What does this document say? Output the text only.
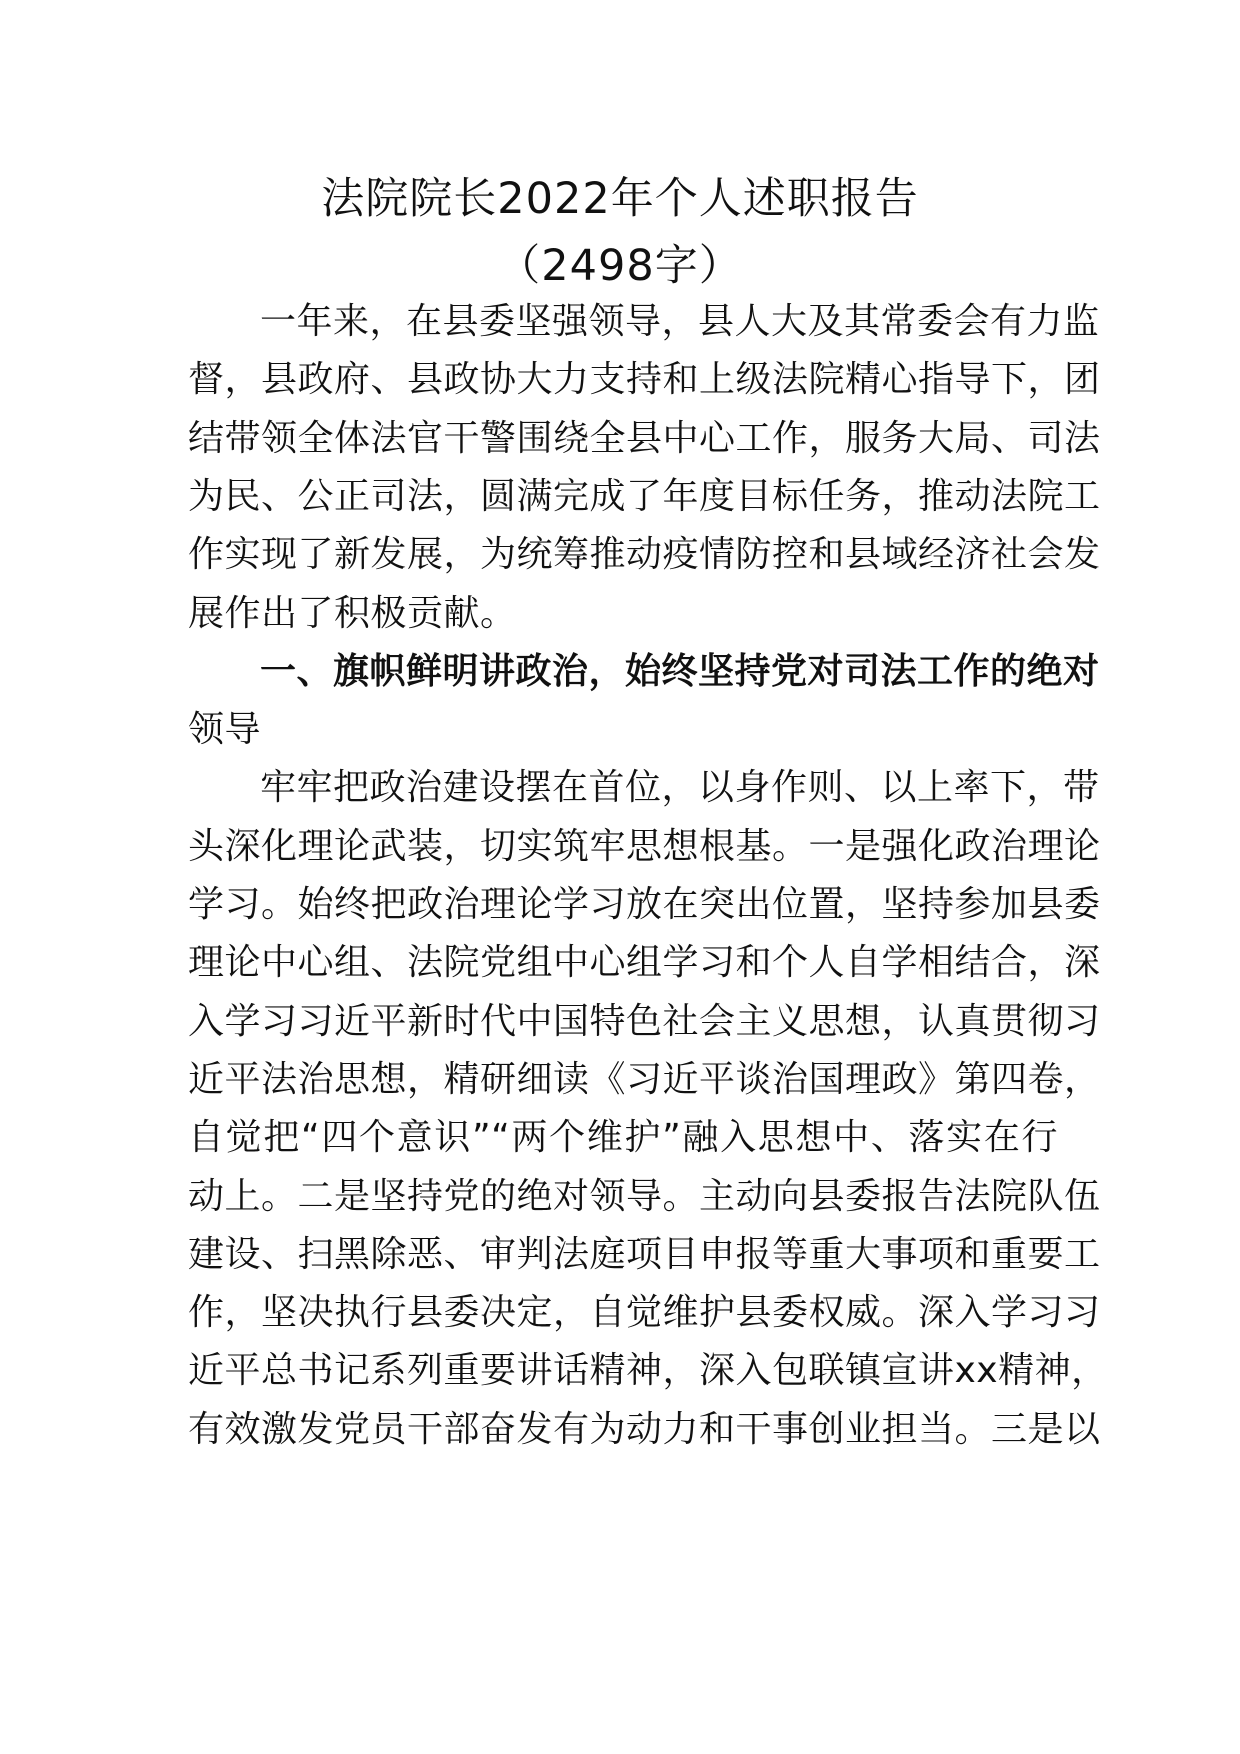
法院院长2022年个人述职报告
（2498字）
一年来，在县委坚强领导，县人大及其常委会有力监
督，县政府、县政协大力支持和上级法院精心指导下，团
结带领全体法官干警围绕全县中心工作，服务大局、司法
为民、公正司法，圆满完成了年度目标任务，推动法院工
作实现了新发展，为统筹推动疫情防控和县域经济社会发
展作出了积极贡献。
一、旗帜鲜明讲政治，始终坚持党对司法工作的绝对
领导
牢牢把政治建设摆在首位，以身作则、以上率下，带
头深化理论武装，切实筑牢思想根基。一是强化政治理论
学习。始终把政治理论学习放在突出位置，坚持参加县委
理论中心组、法院党组中心组学习和个人自学相结合，深
入学习习近平新时代中国特色社会主义思想，认真贯彻习
近平法治思想，精研细读《习近平谈治国理政》第四卷，
自觉把“四个意识”“两个维护”融入思想中、落实在行
动上。二是坚持党的绝对领导。主动向县委报告法院队伍
建设、扫黑除恶、审判法庭项目申报等重大事项和重要工
作，坚决执行县委决定，自觉维护县委权威。深入学习习
近平总书记系列重要讲话精神，深入包联镇宣讲xx精神，
有效激发党员干部奋发有为动力和干事创业担当。三是以
